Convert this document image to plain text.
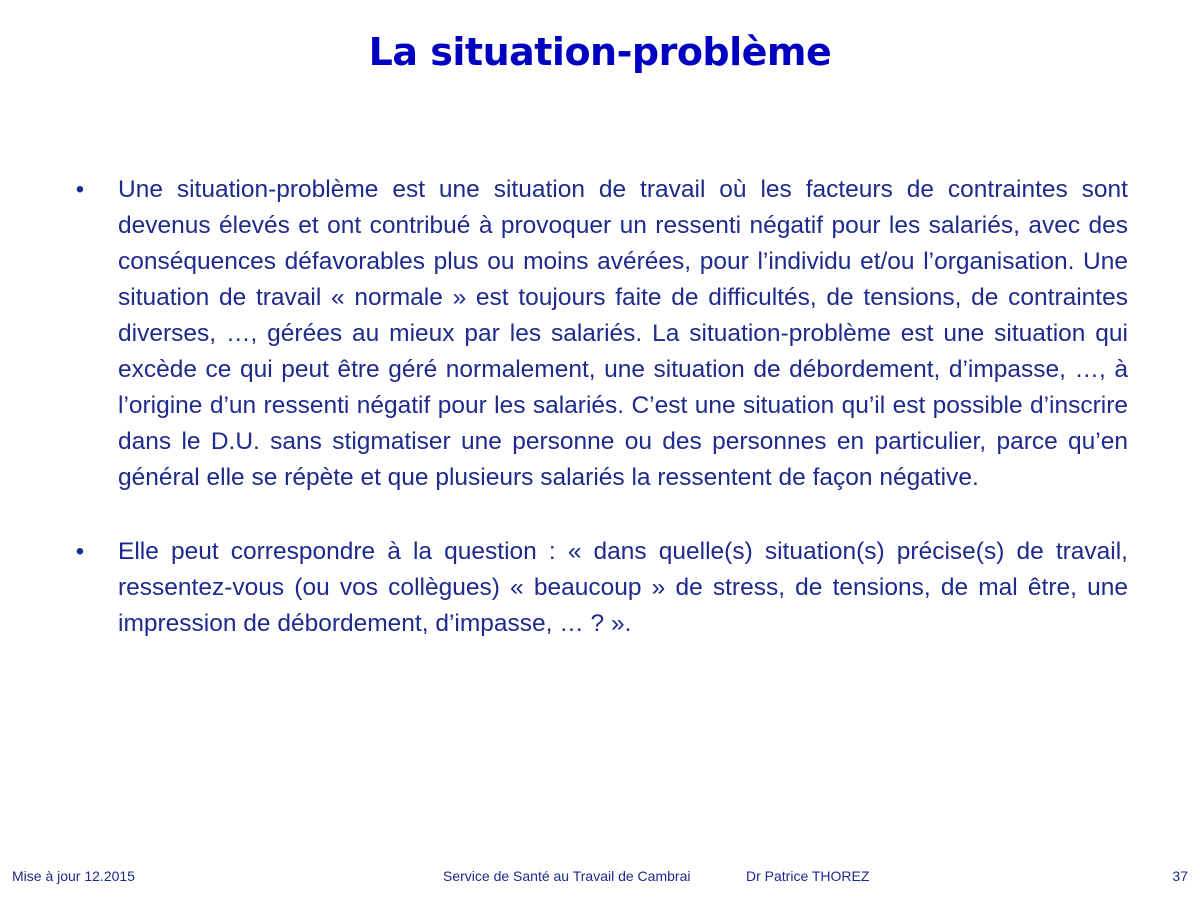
La situation-problème
• Une situation-problème est une situation de travail où les facteurs de contraintes sont devenus élevés et ont contribué à provoquer un ressenti négatif pour les salariés, avec des conséquences défavorables plus ou moins avérées, pour l’individu et/ou l’organisation. Une situation de travail « normale » est toujours faite de difficultés, de tensions, de contraintes diverses, …, gérées au mieux par les salariés. La situation-problème est une situation qui excède ce qui peut être géré normalement, une situation de débordement, d’impasse, …, à l’origine d’un ressenti négatif pour les salariés. C’est une situation qu’il est possible d’inscrire dans le D.U. sans stigmatiser une personne ou des personnes en particulier, parce qu’en général elle se répète et que plusieurs salariés la ressentent de façon négative.
• Elle peut correspondre à la question : « dans quelle(s) situation(s) précise(s) de travail, ressentez-vous (ou vos collègues) « beaucoup » de stress, de tensions, de mal être, une impression de débordement, d’impasse, … ? ».
Mise à jour 12.2015	Service de Santé au Travail de Cambrai	Dr Patrice THOREZ	37
